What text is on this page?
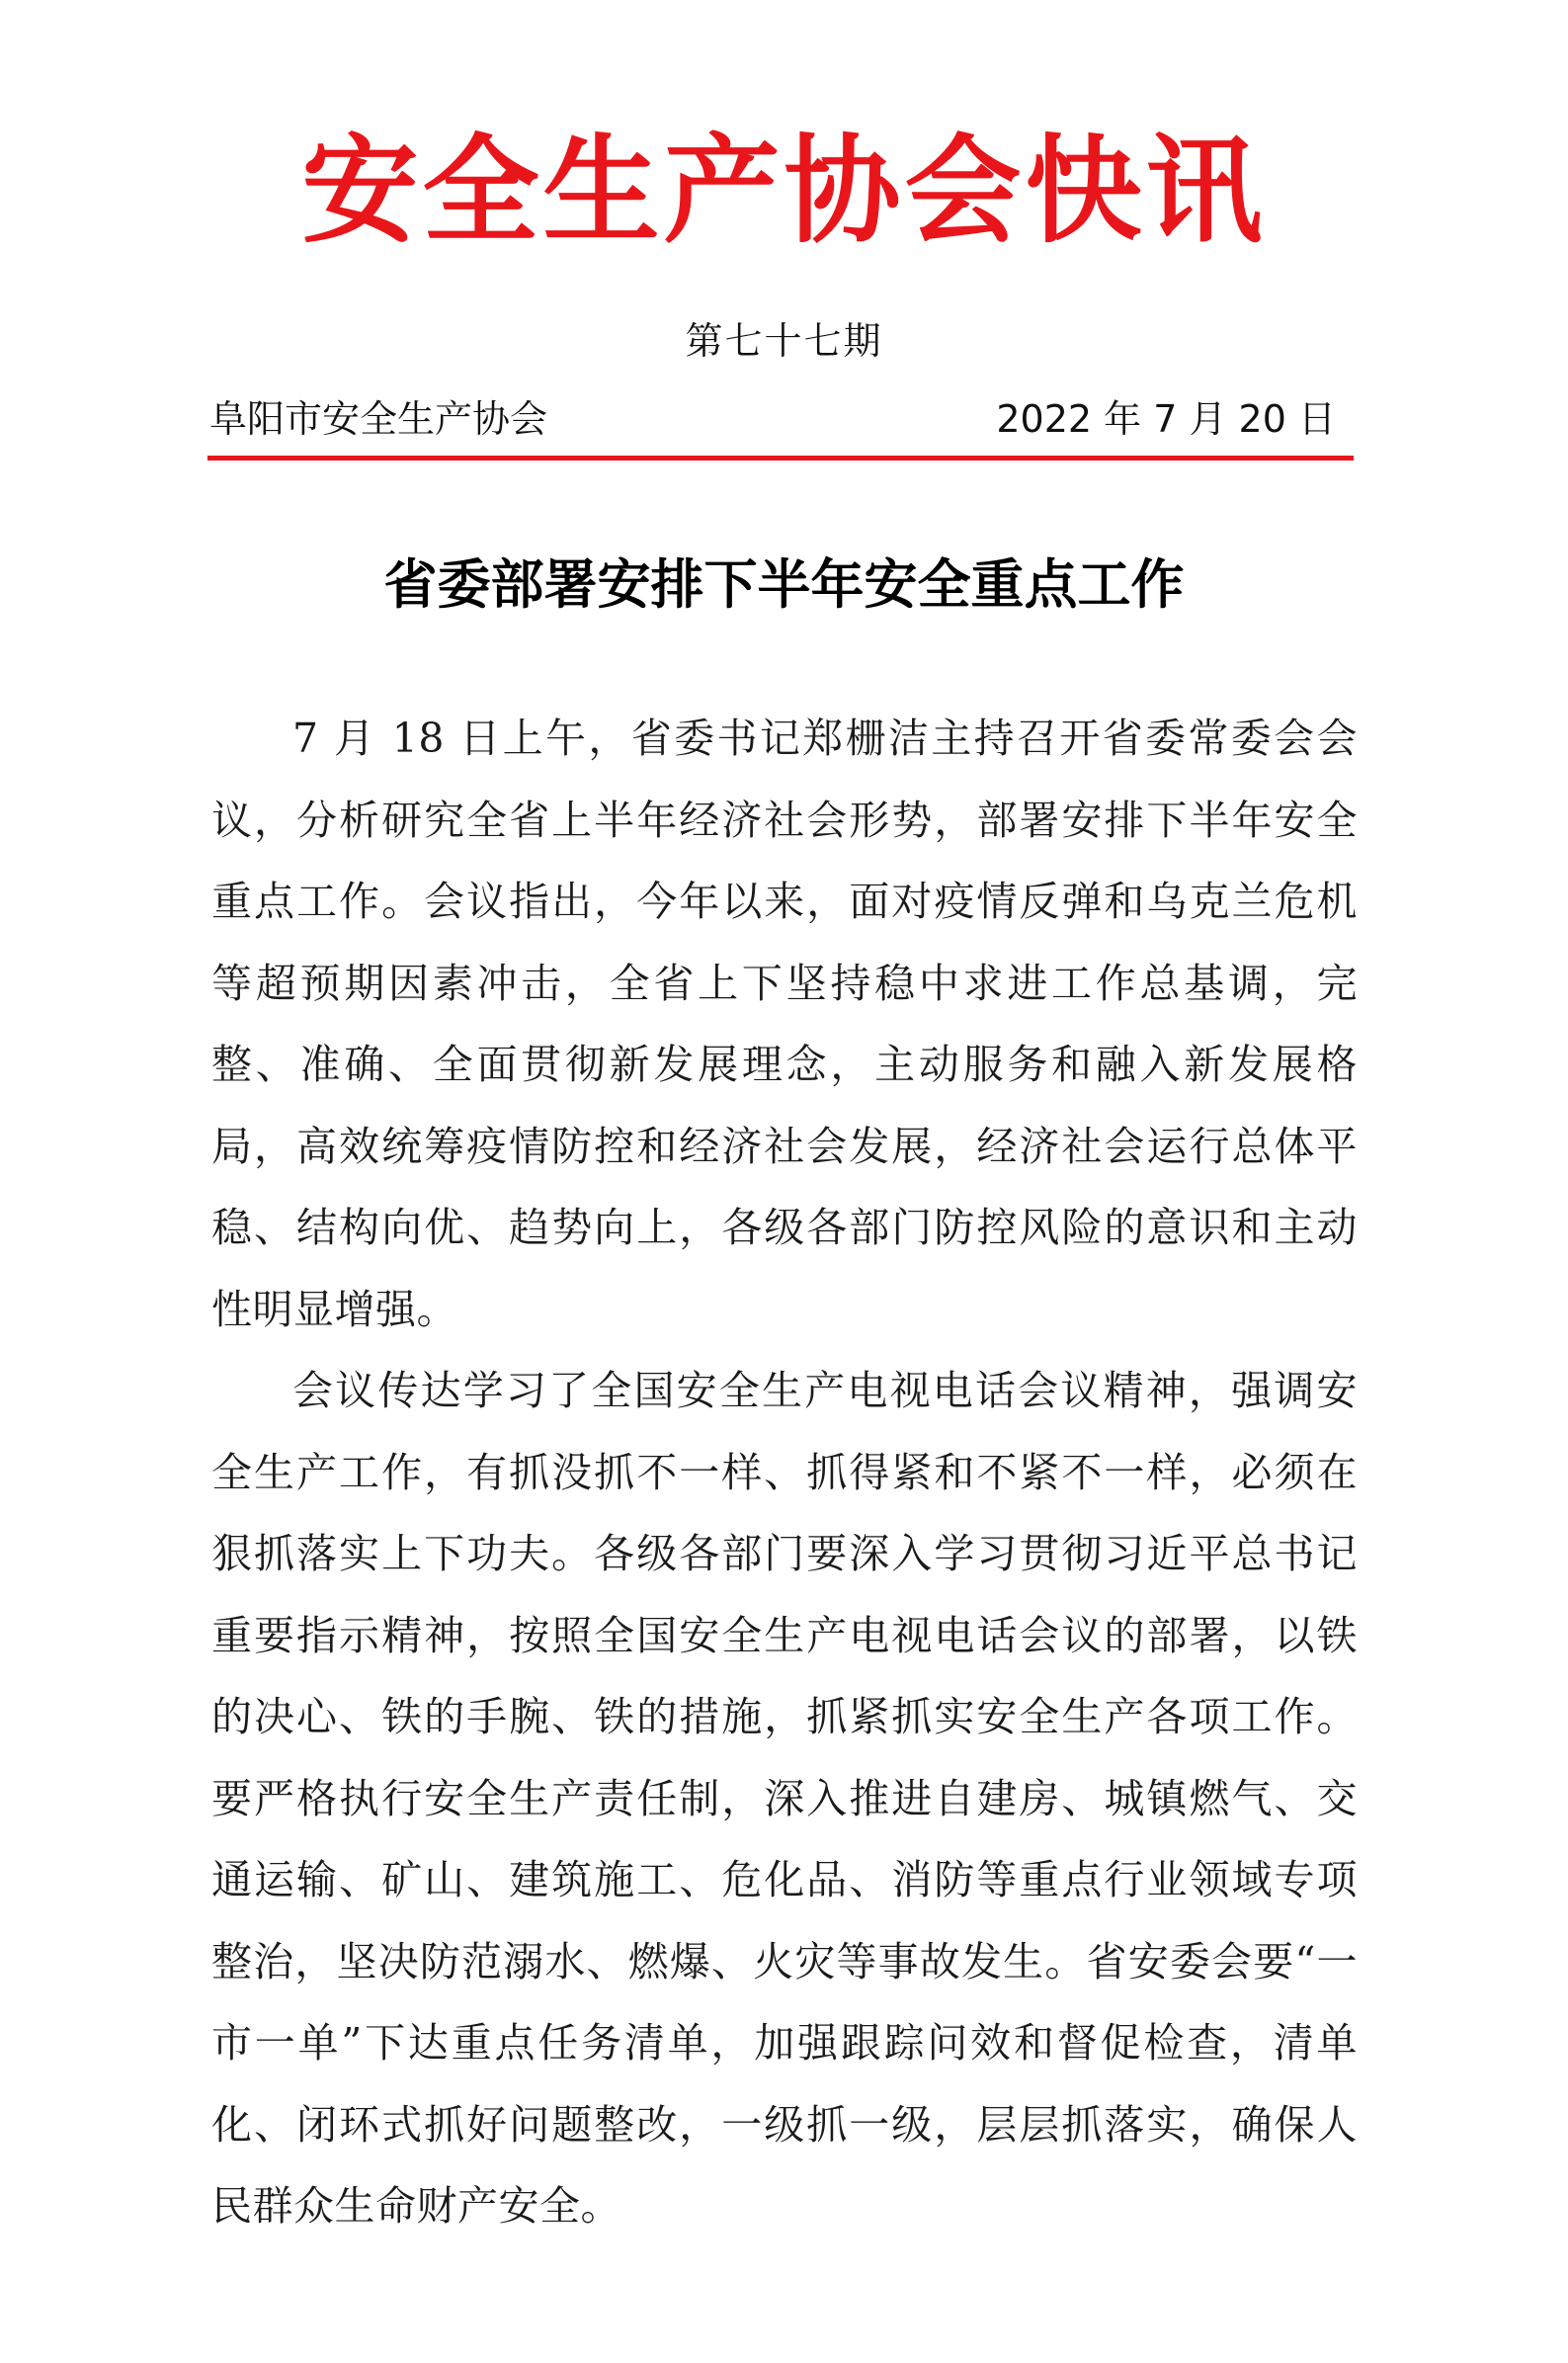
安全生产协会快讯
第七十七期
阜阳市安全生产协会	2022 年 7 月 20 日
省委部署安排下半年安全重点工作

7 月 18 日上午，省委书记郑栅洁主持召开省委常委会会议，分析研究全省上半年经济社会形势，部署安排下半年安全重点工作。会议指出，今年以来，面对疫情反弹和乌克兰危机等超预期因素冲击，全省上下坚持稳中求进工作总基调，完整、准确、全面贯彻新发展理念，主动服务和融入新发展格局，高效统筹疫情防控和经济社会发展，经济社会运行总体平稳、结构向优、趋势向上，各级各部门防控风险的意识和主动性明显增强。

会议传达学习了全国安全生产电视电话会议精神，强调安全生产工作，有抓没抓不一样、抓得紧和不紧不一样，必须在狠抓落实上下功夫。各级各部门要深入学习贯彻习近平总书记重要指示精神，按照全国安全生产电视电话会议的部署，以铁的决心、铁的手腕、铁的措施，抓紧抓实安全生产各项工作。要严格执行安全生产责任制，深入推进自建房、城镇燃气、交通运输、矿山、建筑施工、危化品、消防等重点行业领域专项整治，坚决防范溺水、燃爆、火灾等事故发生。省安委会要“一市一单”下达重点任务清单，加强跟踪问效和督促检查，清单化、闭环式抓好问题整改，一级抓一级，层层抓落实，确保人民群众生命财产安全。
